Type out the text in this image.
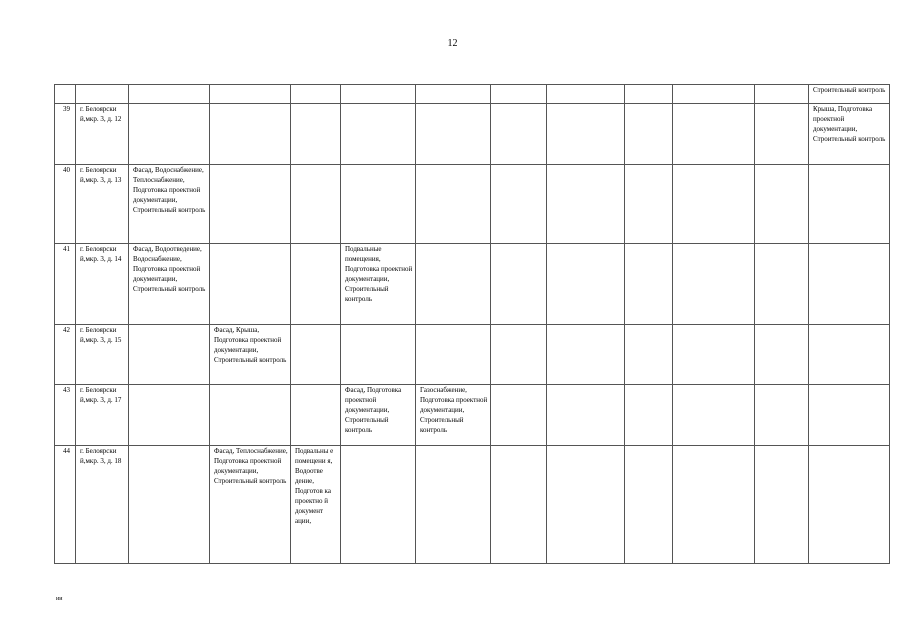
12
												Строительный контроль
39	г. Белоярски й,мкр. 3, д. 12											Крыша, Подготовка проектной документации, Строительный контроль
40	г. Белоярски й,мкр. 3, д. 13	Фасад, Водоснабжение, Теплоснабжение, Подготовка проектной документации, Строительный контроль										
41	г. Белоярски й,мкр. 3, д. 14	Фасад, Водоотведение, Водоснабжение, Подготовка проектной документации, Строительный контроль			Подвальные помещения, Подготовка проектной документации, Строительный контроль							
42	г. Белоярски й,мкр. 3, д. 15		Фасад, Крыша, Подготовка проектной документации, Строительный контроль									
43	г. Белоярски й,мкр. 3, д. 17				Фасад, Подготовка проектной документации, Строительный контроль	Газоснабжение, Подготовка проектной документации, Строительный контроль						
44	г. Белоярски й,мкр. 3, д. 18		Фасад, Теплоснабжение, Подготовка проектной документации, Строительный контроль	Подвальны е помещени я, Водоотве дение, Подготов ка проектно й документ ации,								
ии
